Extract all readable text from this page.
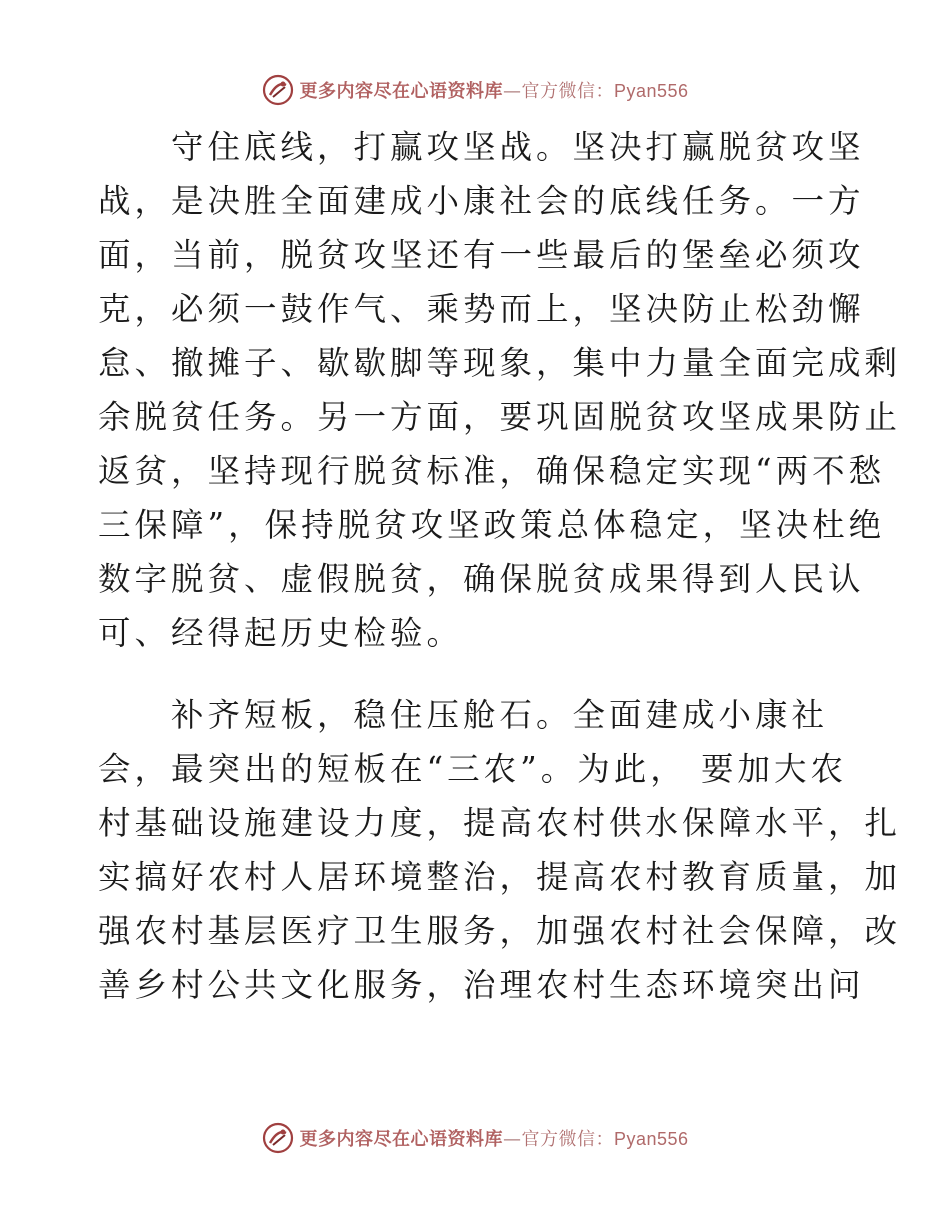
更多内容尽在心语资料库—官方微信：Pyan556
　　守住底线，打赢攻坚战。坚决打赢脱贫攻坚
战，是决胜全面建成小康社会的底线任务。一方
面，当前，脱贫攻坚还有一些最后的堡垒必须攻
克，必须一鼓作气、乘势而上，坚决防止松劲懈
怠、撤摊子、歇歇脚等现象，集中力量全面完成剩
余脱贫任务。另一方面，要巩固脱贫攻坚成果防止
返贫，坚持现行脱贫标准，确保稳定实现“两不愁
三保障”，保持脱贫攻坚政策总体稳定，坚决杜绝
数字脱贫、虚假脱贫，确保脱贫成果得到人民认
可、经得起历史检验。
　　补齐短板，稳住压舱石。全面建成小康社
会，最突出的短板在“三农”。为此， 要加大农
村基础设施建设力度，提高农村供水保障水平，扎
实搞好农村人居环境整治，提高农村教育质量，加
强农村基层医疗卫生服务，加强农村社会保障，改
善乡村公共文化服务，治理农村生态环境突出问
更多内容尽在心语资料库—官方微信：Pyan556
